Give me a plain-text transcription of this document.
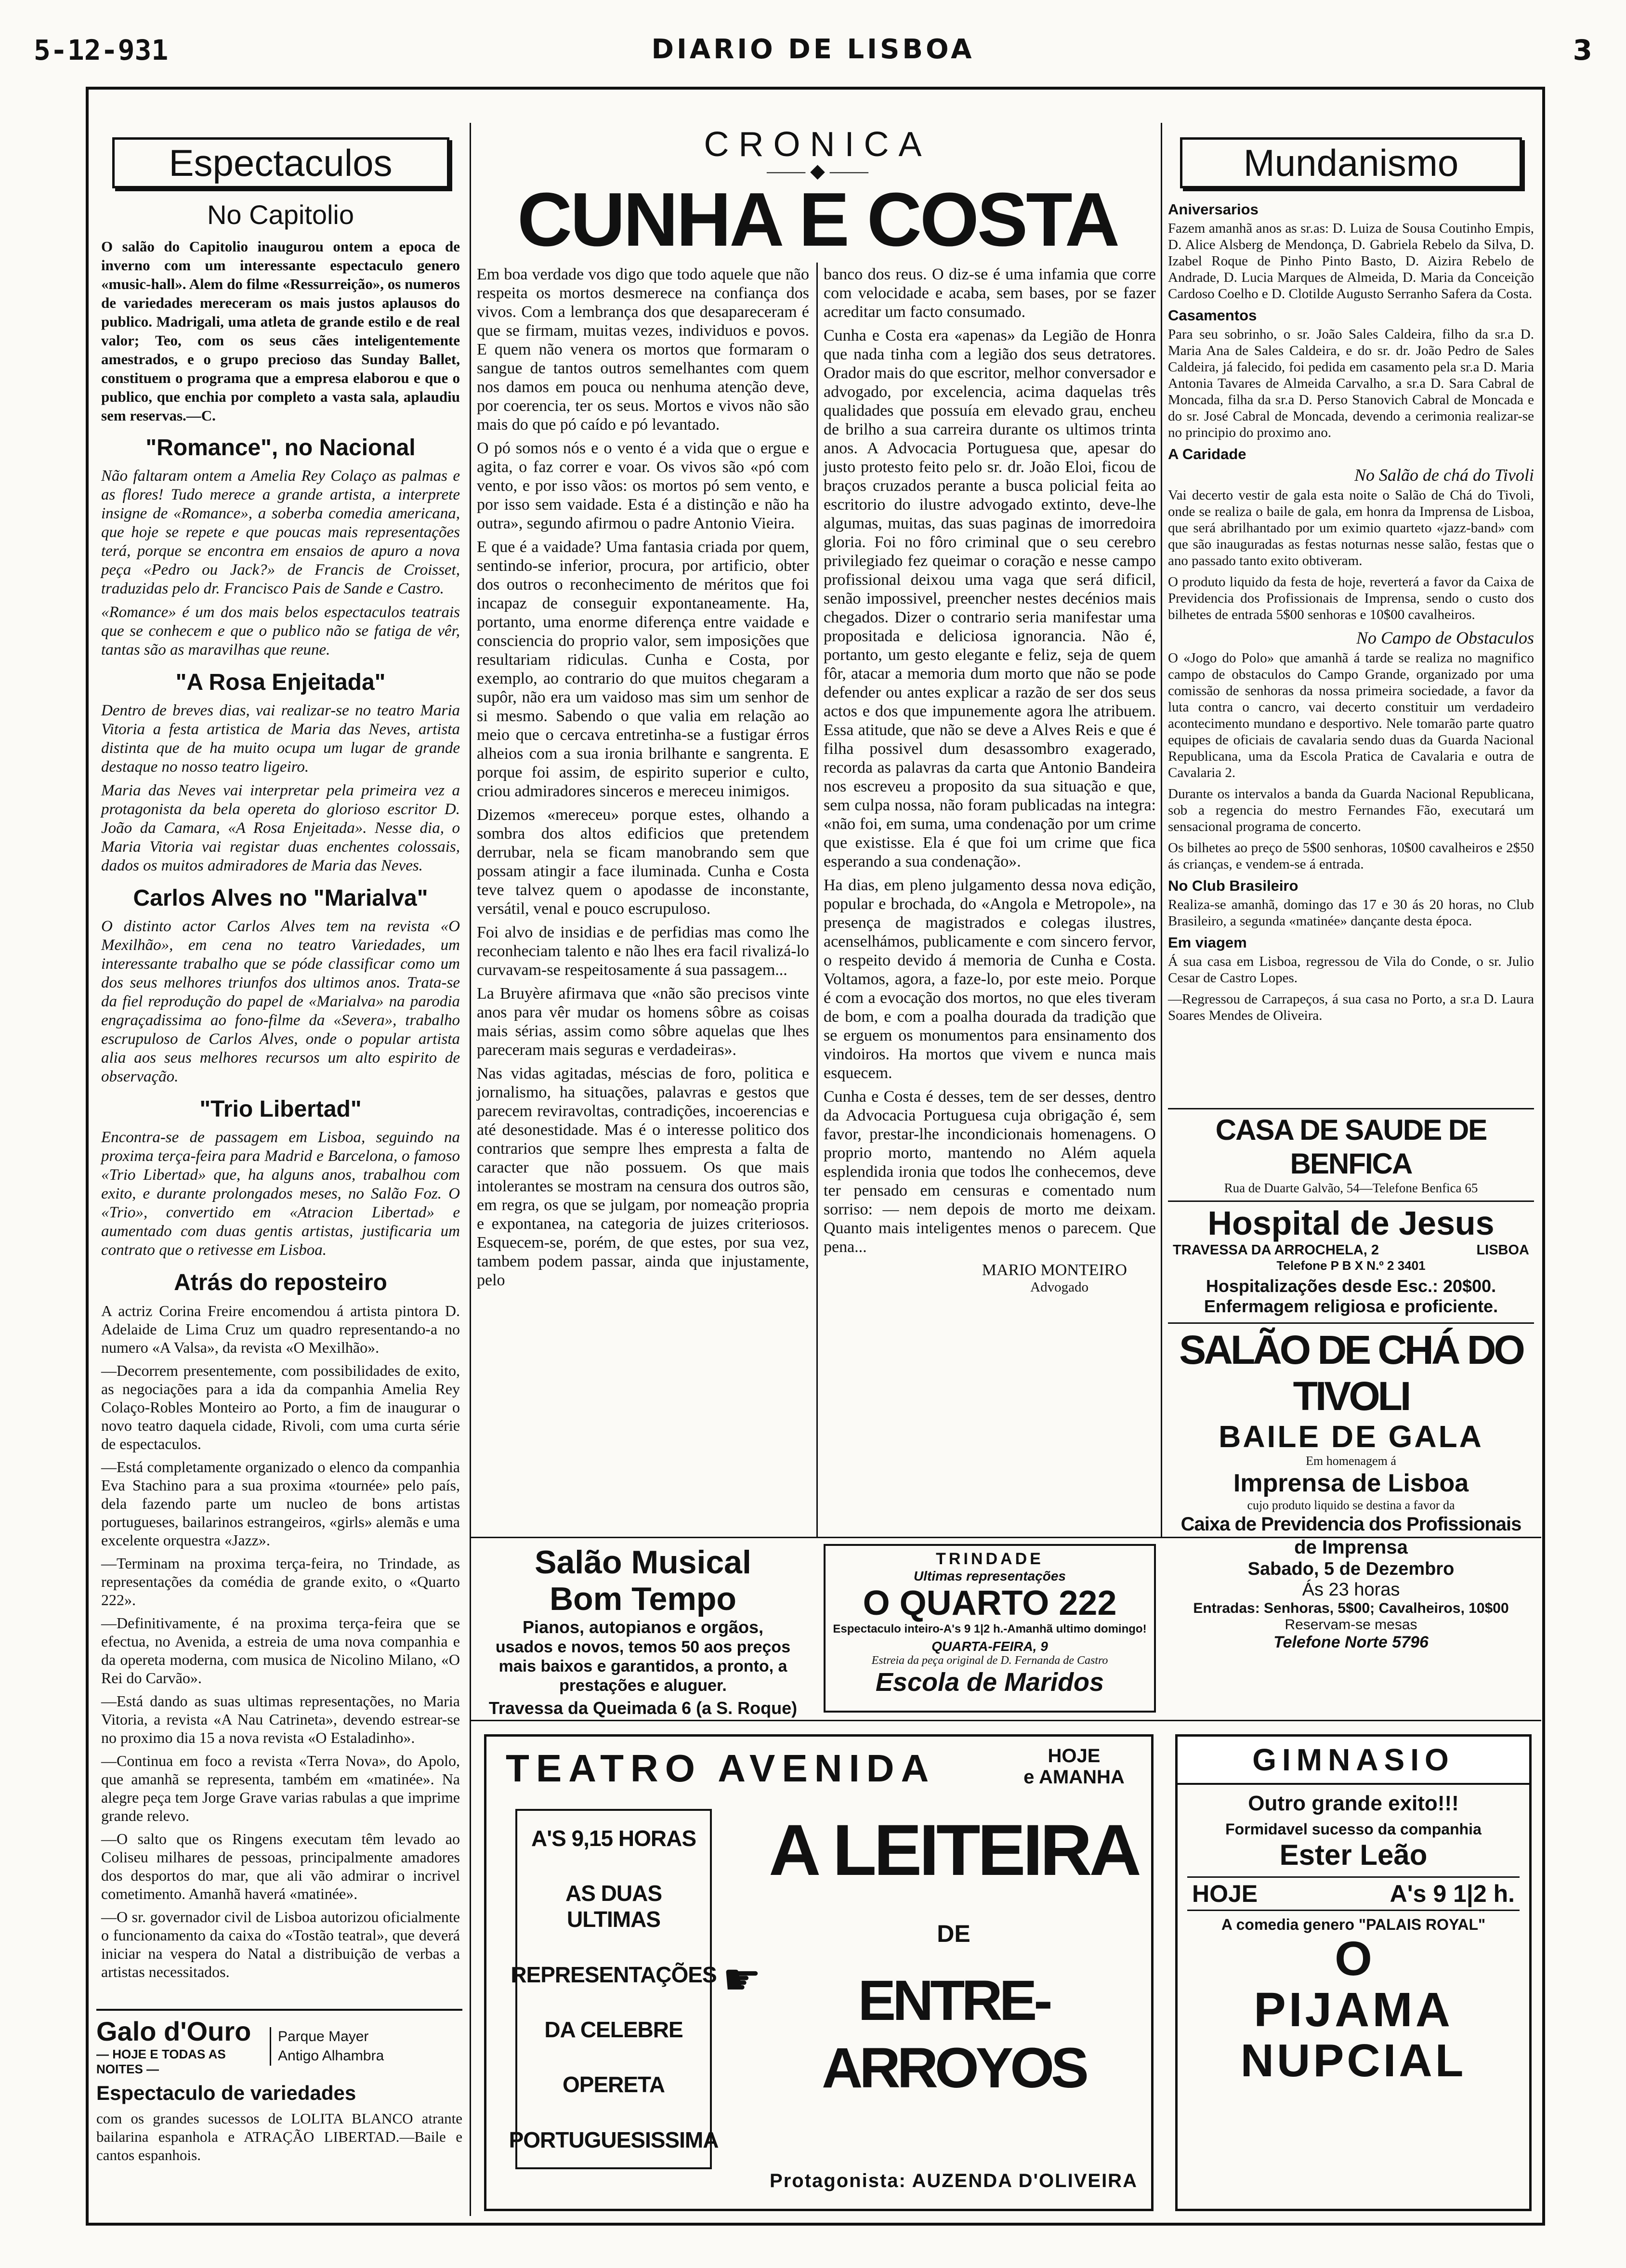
5-12-931	DIARIO DE LISBOA	3
Espectaculos
No Capitolio

O salão do Capitolio inaugurou ontem a epoca de inverno com um interessante espectaculo genero «music-hall». Alem do filme «Ressurreição», os numeros de variedades mereceram os mais justos aplausos do publico. Madrigali, uma atleta de grande estilo e de real valor; Teo, com os seus cães inteligentemente amestrados, e o grupo precioso das Sunday Ballet, constituem o programa que a empresa elaborou e que o publico, que enchia por completo a vasta sala, aplaudiu sem reservas.—C.

"Romance", no Nacional

Não faltaram ontem a Amelia Rey Colaço as palmas e as flores! Tudo merece a grande artista, a interprete insigne de «Romance», a soberba comedia americana, que hoje se repete e que poucas mais representações terá, porque se encontra em ensaios de apuro a nova peça «Pedro ou Jack?» de Francis de Croisset, traduzidas pelo dr. Francisco Pais de Sande e Castro.

«Romance» é um dos mais belos espectaculos teatrais que se conhecem e que o publico não se fatiga de vêr, tantas são as maravilhas que reune.

"A Rosa Enjeitada"

Dentro de breves dias, vai realizar-se no teatro Maria Vitoria a festa artistica de Maria das Neves, artista distinta que de ha muito ocupa um lugar de grande destaque no nosso teatro ligeiro.

Maria das Neves vai interpretar pela primeira vez a protagonista da bela opereta do glorioso escritor D. João da Camara, «A Rosa Enjeitada». Nesse dia, o Maria Vitoria vai registar duas enchentes colossais, dados os muitos admiradores de Maria das Neves.

Carlos Alves no "Marialva"

O distinto actor Carlos Alves tem na revista «O Mexilhão», em cena no teatro Variedades, um interessante trabalho que se póde classificar como um dos seus melhores triunfos dos ultimos anos. Trata-se da fiel reprodução do papel de «Marialva» na parodia engraçadissima ao fono-filme da «Severa», trabalho escrupuloso de Carlos Alves, onde o popular artista alia aos seus melhores recursos um alto espirito de observação.

"Trio Libertad"

Encontra-se de passagem em Lisboa, seguindo na proxima terça-feira para Madrid e Barcelona, o famoso «Trio Libertad» que, ha alguns anos, trabalhou com exito, e durante prolongados meses, no Salão Foz. O «Trio», convertido em «Atracion Libertad» e aumentado com duas gentis artistas, justificaria um contrato que o retivesse em Lisboa.

Atrás do reposteiro

A actriz Corina Freire encomendou á artista pintora D. Adelaide de Lima Cruz um quadro representando-a no numero «A Valsa», da revista «O Mexilhão».

—Decorrem presentemente, com possibilidades de exito, as negociações para a ida da companhia Amelia Rey Colaço-Robles Monteiro ao Porto, a fim de inaugurar o novo teatro daquela cidade, Rivoli, com uma curta série de espectaculos.

—Está completamente organizado o elenco da companhia Eva Stachino para a sua proxima «tournée» pelo país, dela fazendo parte um nucleo de bons artistas portugueses, bailarinos estrangeiros, «girls» alemãs e uma excelente orquestra «Jazz».

—Terminam na proxima terça-feira, no Trindade, as representações da comédia de grande exito, o «Quarto 222».

—Definitivamente, é na proxima terça-feira que se efectua, no Avenida, a estreia de uma nova companhia e da opereta moderna, com musica de Nicolino Milano, «O Rei do Carvão».

—Está dando as suas ultimas representações, no Maria Vitoria, a revista «A Nau Catrineta», devendo estrear-se no proximo dia 15 a nova revista «O Estaladinho».

—Continua em foco a revista «Terra Nova», do Apolo, que amanhã se representa, também em «matinée». Na alegre peça tem Jorge Grave varias rabulas a que imprime grande relevo.

—O salto que os Ringens executam têm levado ao Coliseu milhares de pessoas, principalmente amadores dos desportos do mar, que ali vão admirar o incrivel cometimento. Amanhã haverá «matinée».

—O sr. governador civil de Lisboa autorizou oficialmente o funcionamento da caixa do «Tostão teatral», que deverá iniciar na vespera do Natal a distribuição de verbas a artistas necessitados.

Galo d'Ouro
— HOJE E TODAS AS NOITES —
Parque Mayer
Antigo Alhambra
Espectaculo de variedades

com os grandes sucessos de LOLITA BLANCO atrante bailarina espanhola e ATRAÇÃO LIBERTAD.—Baile e cantos espanhois.

CRONICA
—— ◆ ——
CUNHA E COSTA

Em boa verdade vos digo que todo aquele que não respeita os mortos desmerece na confiança dos vivos. Com a lembrança dos que desapareceram é que se firmam, muitas vezes, individuos e povos. E quem não venera os mortos que formaram o sangue de tantos outros semelhantes com quem nos damos em pouca ou nenhuma atenção deve, por coerencia, ter os seus. Mortos e vivos não são mais do que pó caído e pó levantado.

O pó somos nós e o vento é a vida que o ergue e agita, o faz correr e voar. Os vivos são «pó com vento, e por isso vãos: os mortos pó sem vento, e por isso sem vaidade. Esta é a distinção e não ha outra», segundo afirmou o padre Antonio Vieira.

E que é a vaidade? Uma fantasia criada por quem, sentindo-se inferior, procura, por artificio, obter dos outros o reconhecimento de méritos que foi incapaz de conseguir expontaneamente. Ha, portanto, uma enorme diferença entre vaidade e consciencia do proprio valor, sem imposições que resultariam ridiculas. Cunha e Costa, por exemplo, ao contrario do que muitos chegaram a supôr, não era um vaidoso mas sim um senhor de si mesmo. Sabendo o que valia em relação ao meio que o cercava entretinha-se a fustigar érros alheios com a sua ironia brilhante e sangrenta. E porque foi assim, de espirito superior e culto, criou admiradores sinceros e mereceu inimigos.

Dizemos «mereceu» porque estes, olhando a sombra dos altos edificios que pretendem derrubar, nela se ficam manobrando sem que possam atingir a face iluminada. Cunha e Costa teve talvez quem o apodasse de inconstante, versátil, venal e pouco escrupuloso.

Foi alvo de insidias e de perfidias mas como lhe reconheciam talento e não lhes era facil rivalizá-lo curvavam-se respeitosamente á sua passagem...

La Bruyère afirmava que «não são precisos vinte anos para vêr mudar os homens sôbre as coisas mais sérias, assim como sôbre aquelas que lhes pareceram mais seguras e verdadeiras».

Nas vidas agitadas, méscias de foro, politica e jornalismo, ha situações, palavras e gestos que parecem reviravoltas, contradições, incoerencias e até desonestidade. Mas é o interesse politico dos contrarios que sempre lhes empresta a falta de caracter que não possuem. Os que mais intolerantes se mostram na censura dos outros são, em regra, os que se julgam, por nomeação propria e expontanea, na categoria de juizes criteriosos. Esquecem-se, porém, de que estes, por sua vez, tambem podem passar, ainda que injustamente, pelo

banco dos reus. O diz-se é uma infamia que corre com velocidade e acaba, sem bases, por se fazer acreditar um facto consumado.

Cunha e Costa era «apenas» da Legião de Honra que nada tinha com a legião dos seus detratores. Orador mais do que escritor, melhor conversador e advogado, por excelencia, acima daquelas três qualidades que possuía em elevado grau, encheu de brilho a sua carreira durante os ultimos trinta anos. A Advocacia Portuguesa que, apesar do justo protesto feito pelo sr. dr. João Eloi, ficou de braços cruzados perante a busca policial feita ao escritorio do ilustre advogado extinto, deve-lhe algumas, muitas, das suas paginas de imorredoira gloria. Foi no fôro criminal que o seu cerebro privilegiado fez queimar o coração e nesse campo profissional deixou uma vaga que será dificil, senão impossivel, preencher nestes decénios mais chegados. Dizer o contrario seria manifestar uma propositada e deliciosa ignorancia. Não é, portanto, um gesto elegante e feliz, seja de quem fôr, atacar a memoria dum morto que não se pode defender ou antes explicar a razão de ser dos seus actos e dos que impunemente agora lhe atribuem. Essa atitude, que não se deve a Alves Reis e que é filha possivel dum desassombro exagerado, recorda as palavras da carta que Antonio Bandeira nos escreveu a proposito da sua situação e que, sem culpa nossa, não foram publicadas na integra: «não foi, em suma, uma condenação por um crime que existisse. Ela é que foi um crime que fica esperando a sua condenação».

Ha dias, em pleno julgamento dessa nova edição, popular e brochada, do «Angola e Metropole», na presença de magistrados e colegas ilustres, acenselhámos, publicamente e com sincero fervor, o respeito devido á memoria de Cunha e Costa. Voltamos, agora, a faze-lo, por este meio. Porque é com a evocação dos mortos, no que eles tiveram de bom, e com a poalha dourada da tradição que se erguem os monumentos para ensinamento dos vindoiros. Ha mortos que vivem e nunca mais esquecem.

Cunha e Costa é desses, tem de ser desses, dentro da Advocacia Portuguesa cuja obrigação é, sem favor, prestar-lhe incondicionais homenagens. O proprio morto, mantendo no Além aquela esplendida ironia que todos lhe conhecemos, deve ter pensado em censuras e comentado num sorriso: — nem depois de morto me deixam. Quanto mais inteligentes menos o parecem. Que pena...

MARIO MONTEIRO
Advogado
Mundanismo
Aniversarios

Fazem amanhã anos as sr.as: D. Luiza de Sousa Coutinho Empis, D. Alice Alsberg de Mendonça, D. Gabriela Rebelo da Silva, D. Izabel Roque de Pinho Pinto Basto, D. Aizira Rebelo de Andrade, D. Lucia Marques de Almeida, D. Maria da Conceição Cardoso Coelho e D. Clotilde Augusto Serranho Safera da Costa.

Casamentos

Para seu sobrinho, o sr. João Sales Caldeira, filho da sr.a D. Maria Ana de Sales Caldeira, e do sr. dr. João Pedro de Sales Caldeira, já falecido, foi pedida em casamento pela sr.a D. Maria Antonia Tavares de Almeida Carvalho, a sr.a D. Sara Cabral de Moncada, filha da sr.a D. Perso Stanovich Cabral de Moncada e do sr. José Cabral de Moncada, devendo a cerimonia realizar-se no principio do proximo ano.

A Caridade
No Salão de chá do Tivoli

Vai decerto vestir de gala esta noite o Salão de Chá do Tivoli, onde se realiza o baile de gala, em honra da Imprensa de Lisboa, que será abrilhantado por um eximio quarteto «jazz-band» com que são inauguradas as festas noturnas nesse salão, festas que o ano passado tanto exito obtiveram.

O produto liquido da festa de hoje, reverterá a favor da Caixa de Previdencia dos Profissionais de Imprensa, sendo o custo dos bilhetes de entrada 5$00 senhoras e 10$00 cavalheiros.

No Campo de Obstaculos

O «Jogo do Polo» que amanhã á tarde se realiza no magnifico campo de obstaculos do Campo Grande, organizado por uma comissão de senhoras da nossa primeira sociedade, a favor da luta contra o cancro, vai decerto constituir um verdadeiro acontecimento mundano e desportivo. Nele tomarão parte quatro equipes de oficiais de cavalaria sendo duas da Guarda Nacional Republicana, uma da Escola Pratica de Cavalaria e outra de Cavalaria 2.

Durante os intervalos a banda da Guarda Nacional Republicana, sob a regencia do mestro Fernandes Fão, executará um sensacional programa de concerto.

Os bilhetes ao preço de 5$00 senhoras, 10$00 cavalheiros e 2$50 ás crianças, e vendem-se á entrada.

No Club Brasileiro

Realiza-se amanhã, domingo das 17 e 30 ás 20 horas, no Club Brasileiro, a segunda «matinée» dançante desta época.

Em viagem

Á sua casa em Lisboa, regressou de Vila do Conde, o sr. Julio Cesar de Castro Lopes.

—Regressou de Carrapeços, á sua casa no Porto, a sr.a D. Laura Soares Mendes de Oliveira.

CASA DE SAUDE DE BENFICA
Rua de Duarte Galvão, 54—Telefone Benfica 65
Hospital de Jesus
TRAVESSA DA ARROCHELA, 2	LISBOA
Telefone P B X N.º 2 3401
Hospitalizações desde Esc.: 20$00.
Enfermagem religiosa e proficiente.
SALÃO DE CHÁ DO TIVOLI
BAILE DE GALA
Em homenagem á
Imprensa de Lisboa
cujo produto liquido se destina a favor da
Caixa de Previdencia dos Profissionais
de Imprensa
Sabado, 5 de Dezembro
Ás 23 horas
Entradas: Senhoras, 5$00; Cavalheiros, 10$00
Reservam-se mesas
Telefone Norte 5796
Salão Musical
Bom Tempo
Pianos, autopianos e orgãos,
usados e novos, temos 50 aos preços mais baixos e garantidos, a pronto, a prestações e aluguer.
Travessa da Queimada 6 (a S. Roque)
TRINDADE
Ultimas representações
O QUARTO 222
Espectaculo inteiro-A's 9 1|2 h.-Amanhã ultimo domingo!
QUARTA-FEIRA, 9
Estreia da peça original de D. Fernanda de Castro
Escola de Maridos
TEATRO AVENIDA	HOJE
e AMANHA
A'S 9,15 HORAS
AS DUAS ULTIMAS
REPRESENTAÇÕES
DA CELEBRE
OPERETA
PORTUGUESISSIMA
☛
A LEITEIRA
DE
ENTRE-ARROYOS
Protagonista: AUZENDA D'OLIVEIRA
GIMNASIO
Outro grande exito!!!
Formidavel sucesso da companhia
Ester Leão
HOJE	A's 9 1|2 h.
A comedia genero "PALAIS ROYAL"
O
PIJAMA
NUPCIAL
